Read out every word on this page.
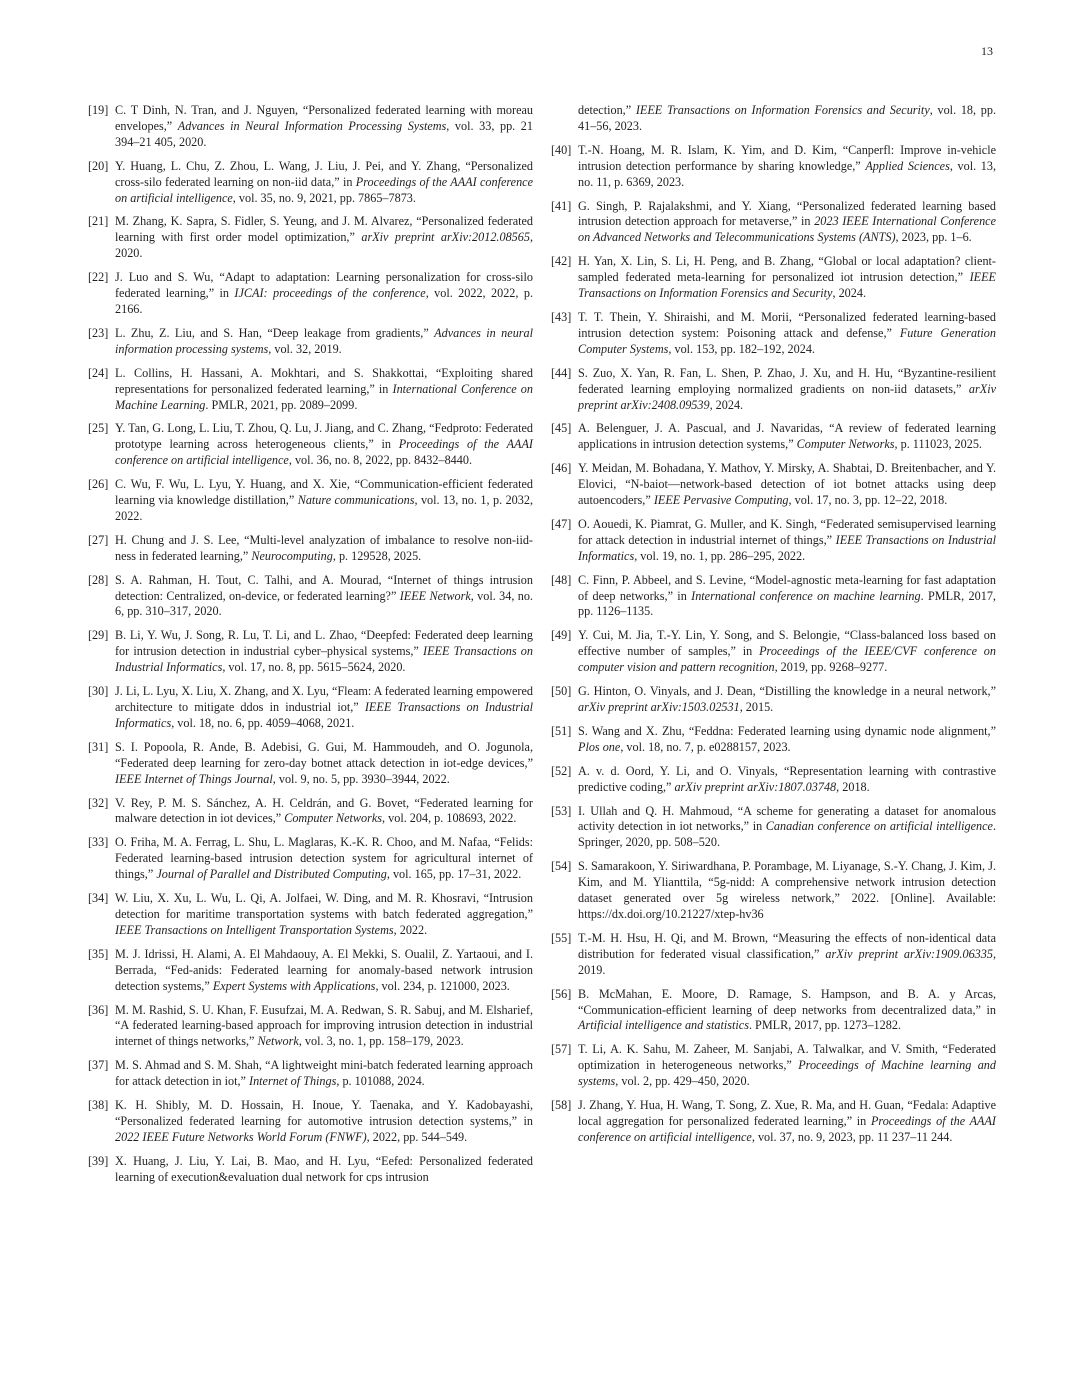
13
[19] C. T Dinh, N. Tran, and J. Nguyen, “Personalized federated learning with moreau envelopes,” Advances in Neural Information Processing Systems, vol. 33, pp. 21 394–21 405, 2020.
[20] Y. Huang, L. Chu, Z. Zhou, L. Wang, J. Liu, J. Pei, and Y. Zhang, “Personalized cross-silo federated learning on non-iid data,” in Proceedings of the AAAI conference on artificial intelligence, vol. 35, no. 9, 2021, pp. 7865–7873.
[21] M. Zhang, K. Sapra, S. Fidler, S. Yeung, and J. M. Alvarez, “Personalized federated learning with first order model optimization,” arXiv preprint arXiv:2012.08565, 2020.
[22] J. Luo and S. Wu, “Adapt to adaptation: Learning personalization for cross-silo federated learning,” in IJCAI: proceedings of the conference, vol. 2022, 2022, p. 2166.
[23] L. Zhu, Z. Liu, and S. Han, “Deep leakage from gradients,” Advances in neural information processing systems, vol. 32, 2019.
[24] L. Collins, H. Hassani, A. Mokhtari, and S. Shakkottai, “Exploiting shared representations for personalized federated learning,” in International Conference on Machine Learning. PMLR, 2021, pp. 2089–2099.
[25] Y. Tan, G. Long, L. Liu, T. Zhou, Q. Lu, J. Jiang, and C. Zhang, “Fedproto: Federated prototype learning across heterogeneous clients,” in Proceedings of the AAAI conference on artificial intelligence, vol. 36, no. 8, 2022, pp. 8432–8440.
[26] C. Wu, F. Wu, L. Lyu, Y. Huang, and X. Xie, “Communication-efficient federated learning via knowledge distillation,” Nature communications, vol. 13, no. 1, p. 2032, 2022.
[27] H. Chung and J. S. Lee, “Multi-level analyzation of imbalance to resolve non-iid-ness in federated learning,” Neurocomputing, p. 129528, 2025.
[28] S. A. Rahman, H. Tout, C. Talhi, and A. Mourad, “Internet of things intrusion detection: Centralized, on-device, or federated learning?” IEEE Network, vol. 34, no. 6, pp. 310–317, 2020.
[29] B. Li, Y. Wu, J. Song, R. Lu, T. Li, and L. Zhao, “Deepfed: Federated deep learning for intrusion detection in industrial cyber–physical systems,” IEEE Transactions on Industrial Informatics, vol. 17, no. 8, pp. 5615–5624, 2020.
[30] J. Li, L. Lyu, X. Liu, X. Zhang, and X. Lyu, “Fleam: A federated learning empowered architecture to mitigate ddos in industrial iot,” IEEE Transactions on Industrial Informatics, vol. 18, no. 6, pp. 4059–4068, 2021.
[31] S. I. Popoola, R. Ande, B. Adebisi, G. Gui, M. Hammoudeh, and O. Jogunola, “Federated deep learning for zero-day botnet attack detection in iot-edge devices,” IEEE Internet of Things Journal, vol. 9, no. 5, pp. 3930–3944, 2022.
[32] V. Rey, P. M. S. Sánchez, A. H. Celdrán, and G. Bovet, “Federated learning for malware detection in iot devices,” Computer Networks, vol. 204, p. 108693, 2022.
[33] O. Friha, M. A. Ferrag, L. Shu, L. Maglaras, K.-K. R. Choo, and M. Nafaa, “Felids: Federated learning-based intrusion detection system for agricultural internet of things,” Journal of Parallel and Distributed Computing, vol. 165, pp. 17–31, 2022.
[34] W. Liu, X. Xu, L. Wu, L. Qi, A. Jolfaei, W. Ding, and M. R. Khosravi, “Intrusion detection for maritime transportation systems with batch federated aggregation,” IEEE Transactions on Intelligent Transportation Systems, 2022.
[35] M. J. Idrissi, H. Alami, A. El Mahdaouy, A. El Mekki, S. Oualil, Z. Yartaoui, and I. Berrada, “Fed-anids: Federated learning for anomaly-based network intrusion detection systems,” Expert Systems with Applications, vol. 234, p. 121000, 2023.
[36] M. M. Rashid, S. U. Khan, F. Eusufzai, M. A. Redwan, S. R. Sabuj, and M. Elsharief, “A federated learning-based approach for improving intrusion detection in industrial internet of things networks,” Network, vol. 3, no. 1, pp. 158–179, 2023.
[37] M. S. Ahmad and S. M. Shah, “A lightweight mini-batch federated learning approach for attack detection in iot,” Internet of Things, p. 101088, 2024.
[38] K. H. Shibly, M. D. Hossain, H. Inoue, Y. Taenaka, and Y. Kadobayashi, “Personalized federated learning for automotive intrusion detection systems,” in 2022 IEEE Future Networks World Forum (FNWF), 2022, pp. 544–549.
[39] X. Huang, J. Liu, Y. Lai, B. Mao, and H. Lyu, “Eefed: Personalized federated learning of execution&evaluation dual network for cps intrusion
detection,” IEEE Transactions on Information Forensics and Security, vol. 18, pp. 41–56, 2023.
[40] T.-N. Hoang, M. R. Islam, K. Yim, and D. Kim, “Canperfl: Improve in-vehicle intrusion detection performance by sharing knowledge,” Applied Sciences, vol. 13, no. 11, p. 6369, 2023.
[41] G. Singh, P. Rajalakshmi, and Y. Xiang, “Personalized federated learning based intrusion detection approach for metaverse,” in 2023 IEEE International Conference on Advanced Networks and Telecommunications Systems (ANTS), 2023, pp. 1–6.
[42] H. Yan, X. Lin, S. Li, H. Peng, and B. Zhang, “Global or local adaptation? client-sampled federated meta-learning for personalized iot intrusion detection,” IEEE Transactions on Information Forensics and Security, 2024.
[43] T. T. Thein, Y. Shiraishi, and M. Morii, “Personalized federated learning-based intrusion detection system: Poisoning attack and defense,” Future Generation Computer Systems, vol. 153, pp. 182–192, 2024.
[44] S. Zuo, X. Yan, R. Fan, L. Shen, P. Zhao, J. Xu, and H. Hu, “Byzantine-resilient federated learning employing normalized gradients on non-iid datasets,” arXiv preprint arXiv:2408.09539, 2024.
[45] A. Belenguer, J. A. Pascual, and J. Navaridas, “A review of federated learning applications in intrusion detection systems,” Computer Networks, p. 111023, 2025.
[46] Y. Meidan, M. Bohadana, Y. Mathov, Y. Mirsky, A. Shabtai, D. Breitenbacher, and Y. Elovici, “N-baiot—network-based detection of iot botnet attacks using deep autoencoders,” IEEE Pervasive Computing, vol. 17, no. 3, pp. 12–22, 2018.
[47] O. Aouedi, K. Piamrat, G. Muller, and K. Singh, “Federated semisupervised learning for attack detection in industrial internet of things,” IEEE Transactions on Industrial Informatics, vol. 19, no. 1, pp. 286–295, 2022.
[48] C. Finn, P. Abbeel, and S. Levine, “Model-agnostic meta-learning for fast adaptation of deep networks,” in International conference on machine learning. PMLR, 2017, pp. 1126–1135.
[49] Y. Cui, M. Jia, T.-Y. Lin, Y. Song, and S. Belongie, “Class-balanced loss based on effective number of samples,” in Proceedings of the IEEE/CVF conference on computer vision and pattern recognition, 2019, pp. 9268–9277.
[50] G. Hinton, O. Vinyals, and J. Dean, “Distilling the knowledge in a neural network,” arXiv preprint arXiv:1503.02531, 2015.
[51] S. Wang and X. Zhu, “Feddna: Federated learning using dynamic node alignment,” Plos one, vol. 18, no. 7, p. e0288157, 2023.
[52] A. v. d. Oord, Y. Li, and O. Vinyals, “Representation learning with contrastive predictive coding,” arXiv preprint arXiv:1807.03748, 2018.
[53] I. Ullah and Q. H. Mahmoud, “A scheme for generating a dataset for anomalous activity detection in iot networks,” in Canadian conference on artificial intelligence. Springer, 2020, pp. 508–520.
[54] S. Samarakoon, Y. Siriwardhana, P. Porambage, M. Liyanage, S.-Y. Chang, J. Kim, J. Kim, and M. Ylianttila, “5g-nidd: A comprehensive network intrusion detection dataset generated over 5g wireless network,” 2022. [Online]. Available: https://dx.doi.org/10.21227/xtep-hv36
[55] T.-M. H. Hsu, H. Qi, and M. Brown, “Measuring the effects of non-identical data distribution for federated visual classification,” arXiv preprint arXiv:1909.06335, 2019.
[56] B. McMahan, E. Moore, D. Ramage, S. Hampson, and B. A. y Arcas, “Communication-efficient learning of deep networks from decentralized data,” in Artificial intelligence and statistics. PMLR, 2017, pp. 1273–1282.
[57] T. Li, A. K. Sahu, M. Zaheer, M. Sanjabi, A. Talwalkar, and V. Smith, “Federated optimization in heterogeneous networks,” Proceedings of Machine learning and systems, vol. 2, pp. 429–450, 2020.
[58] J. Zhang, Y. Hua, H. Wang, T. Song, Z. Xue, R. Ma, and H. Guan, “Fedala: Adaptive local aggregation for personalized federated learning,” in Proceedings of the AAAI conference on artificial intelligence, vol. 37, no. 9, 2023, pp. 11 237–11 244.
